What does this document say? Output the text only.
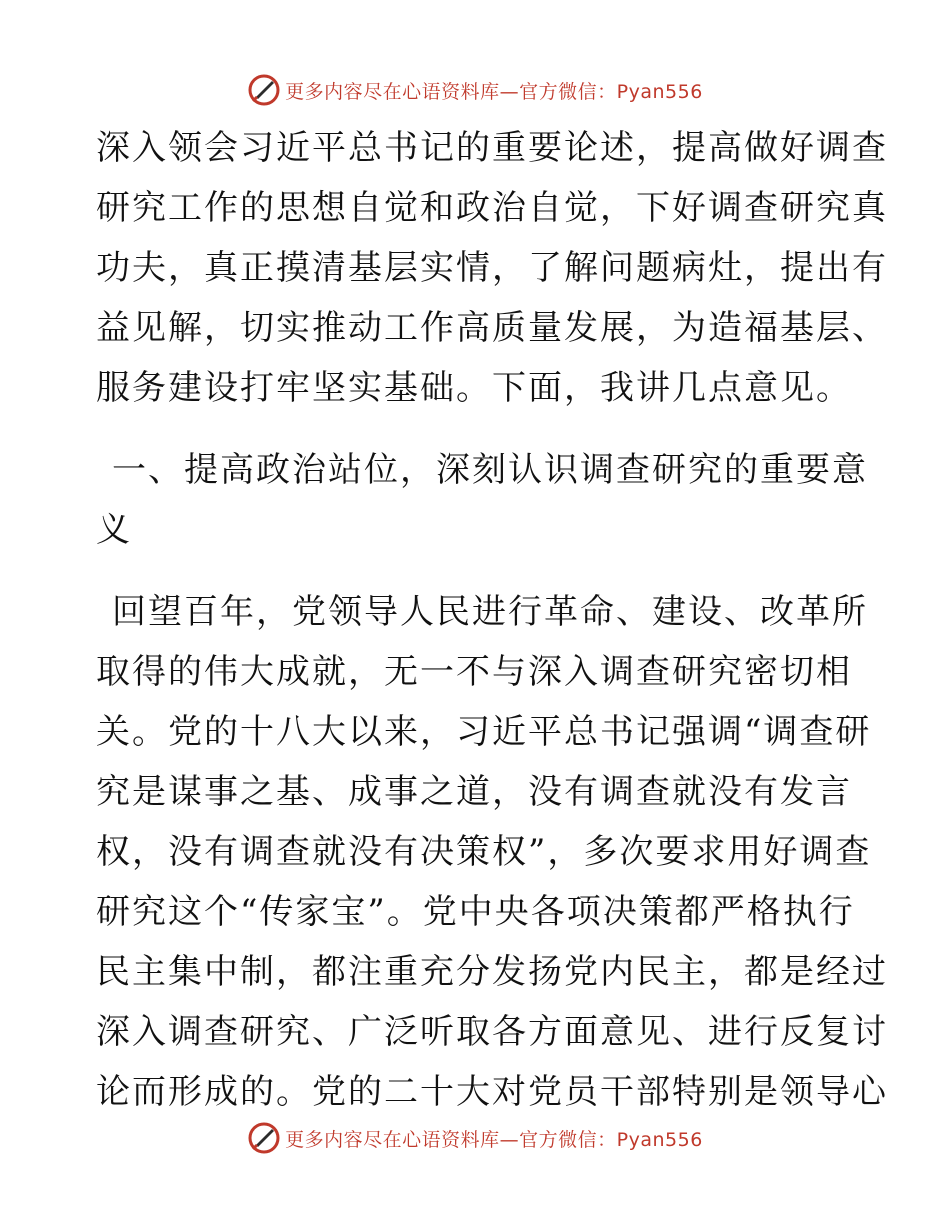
更多内容尽在心语资料库—官方微信：Pyan556
深入领会习近平总书记的重要论述，提高做好调查
研究工作的思想自觉和政治自觉，下好调查研究真
功夫，真正摸清基层实情，了解问题病灶，提出有
益见解，切实推动工作高质量发展，为造福基层、
服务建设打牢坚实基础。下面，我讲几点意见。
一、提高政治站位，深刻认识调查研究的重要意
义
回望百年，党领导人民进行革命、建设、改革所
取得的伟大成就，无一不与深入调查研究密切相
关。党的十八大以来，习近平总书记强调“调查研
究是谋事之基、成事之道，没有调查就没有发言
权，没有调查就没有决策权”，多次要求用好调查
研究这个“传家宝”。党中央各项决策都严格执行
民主集中制，都注重充分发扬党内民主，都是经过
深入调查研究、广泛听取各方面意见、进行反复讨
论而形成的。党的二十大对党员干部特别是领导心
更多内容尽在心语资料库—官方微信：Pyan556
